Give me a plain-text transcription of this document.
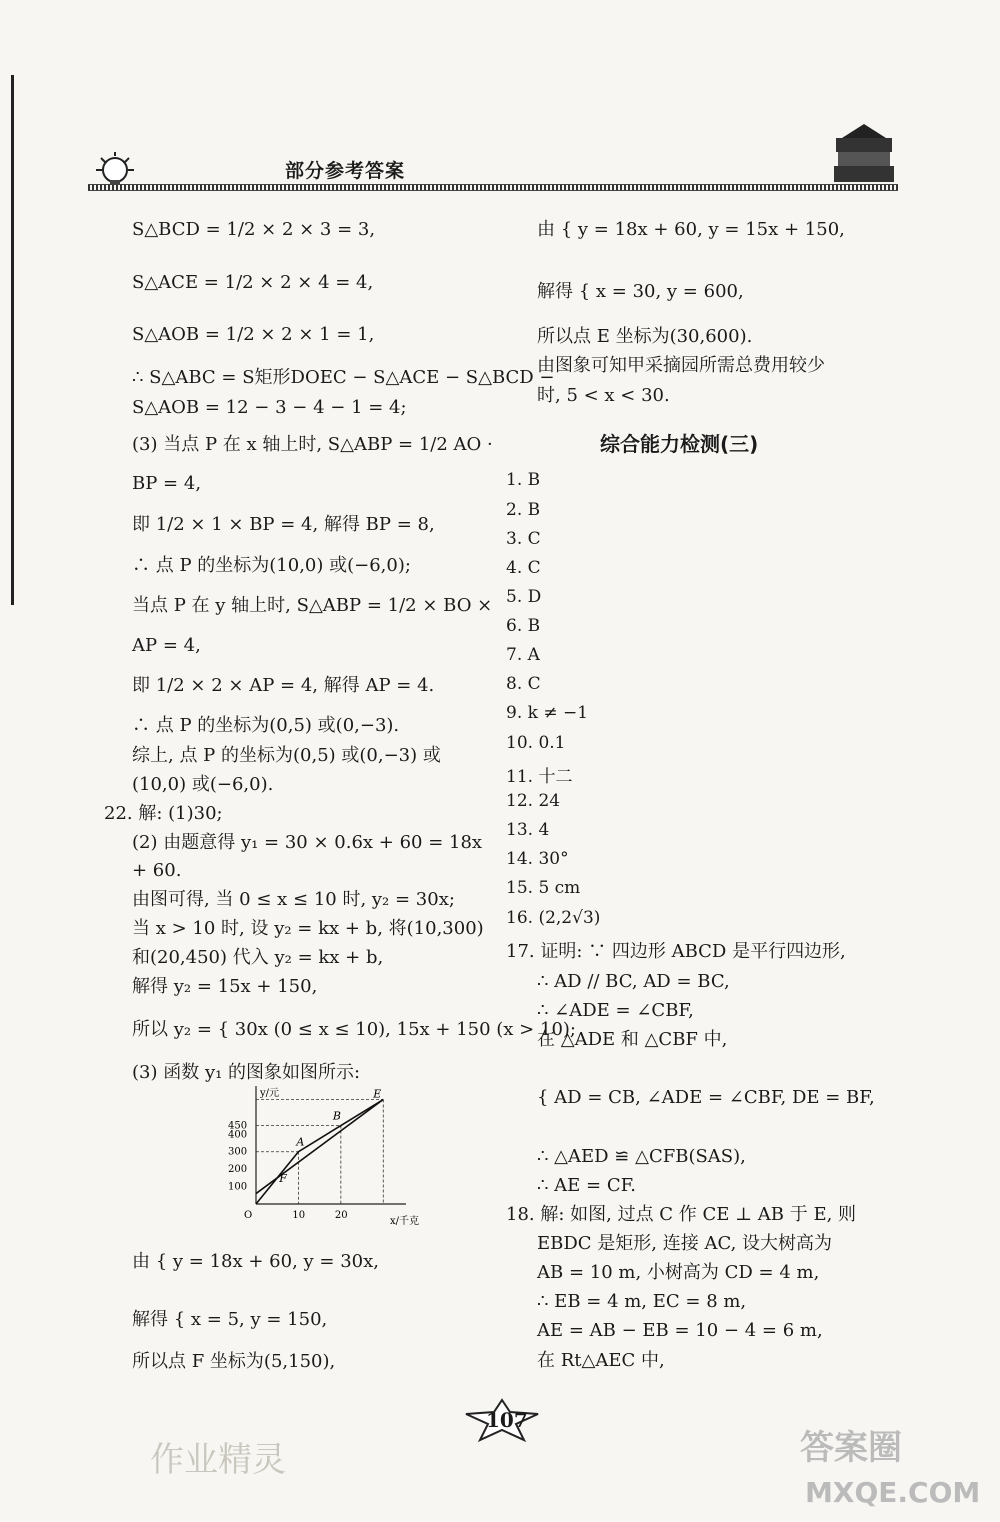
部分参考答案
S△BCD = 1/2 × 2 × 3 = 3,
S△ACE = 1/2 × 2 × 4 = 4,
S△AOB = 1/2 × 2 × 1 = 1,
∴ S△ABC = S矩形DOEC − S△ACE − S△BCD −
S△AOB = 12 − 3 − 4 − 1 = 4;
(3) 当点 P 在 x 轴上时, S△ABP = 1/2 AO ·
BP = 4,
即 1/2 × 1 × BP = 4, 解得 BP = 8,
∴ 点 P 的坐标为(10,0) 或(−6,0);
当点 P 在 y 轴上时, S△ABP = 1/2 × BO ×
AP = 4,
即 1/2 × 2 × AP = 4, 解得 AP = 4.
∴ 点 P 的坐标为(0,5) 或(0,−3).
综上, 点 P 的坐标为(0,5) 或(0,−3) 或
(10,0) 或(−6,0).
22. 解: (1)30;
(2) 由题意得 y₁ = 30 × 0.6x + 60 = 18x
+ 60.
由图可得, 当 0 ≤ x ≤ 10 时, y₂ = 30x;
当 x > 10 时, 设 y₂ = kx + b, 将(10,300)
和(20,450) 代入 y₂ = kx + b,
解得 y₂ = 15x + 150,
所以 y₂ = { 30x (0 ≤ x ≤ 10), 15x + 150 (x > 10);
(3) 函数 y₁ 的图象如图所示:
y/元
x/千克
100
200
300
400
450
O	10	20
A
B
E
F
由 { y = 18x + 60, y = 30x,
解得 { x = 5, y = 150,
所以点 F 坐标为(5,150),
由 { y = 18x + 60, y = 15x + 150,
解得 { x = 30, y = 600,
所以点 E 坐标为(30,600).
由图象可知甲采摘园所需总费用较少
时, 5 < x < 30.
综合能力检测(三)
1. B
2. B
3. C
4. C
5. D
6. B
7. A
8. C
9. k ≠ −1
10. 0.1
11. 十二
12. 24
13. 4
14. 30°
15. 5 cm
16. (2,2√3)
17. 证明: ∵ 四边形 ABCD 是平行四边形,
∴ AD // BC, AD = BC,
∴ ∠ADE = ∠CBF,
在 △ADE 和 △CBF 中,
{ AD = CB, ∠ADE = ∠CBF, DE = BF,
∴ △AED ≌ △CFB(SAS),
∴ AE = CF.
18. 解: 如图, 过点 C 作 CE ⊥ AB 于 E, 则
EBDC 是矩形, 连接 AC, 设大树高为
AB = 10 m, 小树高为 CD = 4 m,
∴ EB = 4 m, EC = 8 m,
AE = AB − EB = 10 − 4 = 6 m,
在 Rt△AEC 中,
107
作业精灵	答案圈
MXQE.COM
